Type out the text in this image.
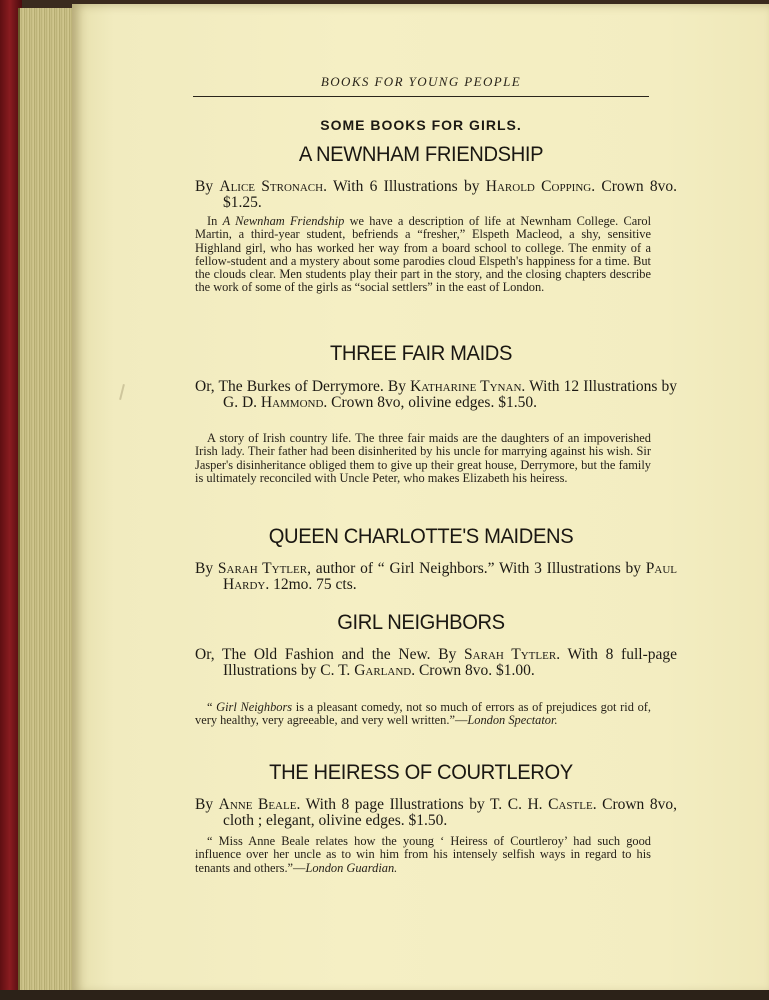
BOOKS FOR YOUNG PEOPLE
SOME BOOKS FOR GIRLS.
A NEWNHAM FRIENDSHIP
By Alice Stronach. With 6 Illustrations by Harold Copping. Crown 8vo. $1.25.
In A Newnham Friendship we have a description of life at Newnham College. Carol Martin, a third-year student, befriends a “fresher,” Elspeth Macleod, a shy, sensitive Highland girl, who has worked her way from a board school to college. The enmity of a fellow-student and a mystery about some parodies cloud Elspeth's happiness for a time. But the clouds clear. Men students play their part in the story, and the closing chapters describe the work of some of the girls as “social settlers” in the east of London.
THREE FAIR MAIDS
Or, The Burkes of Derrymore. By Katharine Tynan. With 12 Illustrations by G. D. Hammond. Crown 8vo, olivine edges. $1.50.
A story of Irish country life. The three fair maids are the daughters of an impoverished Irish lady. Their father had been disinherited by his uncle for marrying against his wish. Sir Jasper's disinheritance obliged them to give up their great house, Derrymore, but the family is ultimately reconciled with Uncle Peter, who makes Elizabeth his heiress.
QUEEN CHARLOTTE'S MAIDENS
By Sarah Tytler, author of “ Girl Neighbors.” With 3 Illustrations by Paul Hardy. 12mo. 75 cts.
GIRL NEIGHBORS
Or, The Old Fashion and the New. By Sarah Tytler. With 8 full-page Illustrations by C. T. Garland. Crown 8vo. $1.00.
“ Girl Neighbors is a pleasant comedy, not so much of errors as of prejudices got rid of, very healthy, very agreeable, and very well written.”—London Spectator.
THE HEIRESS OF COURTLEROY
By Anne Beale. With 8 page Illustrations by T. C. H. Castle. Crown 8vo, cloth ; elegant, olivine edges. $1.50.
“ Miss Anne Beale relates how the young ‘ Heiress of Courtleroy’ had such good influence over her uncle as to win him from his intensely selfish ways in regard to his tenants and others.”—London Guardian.
